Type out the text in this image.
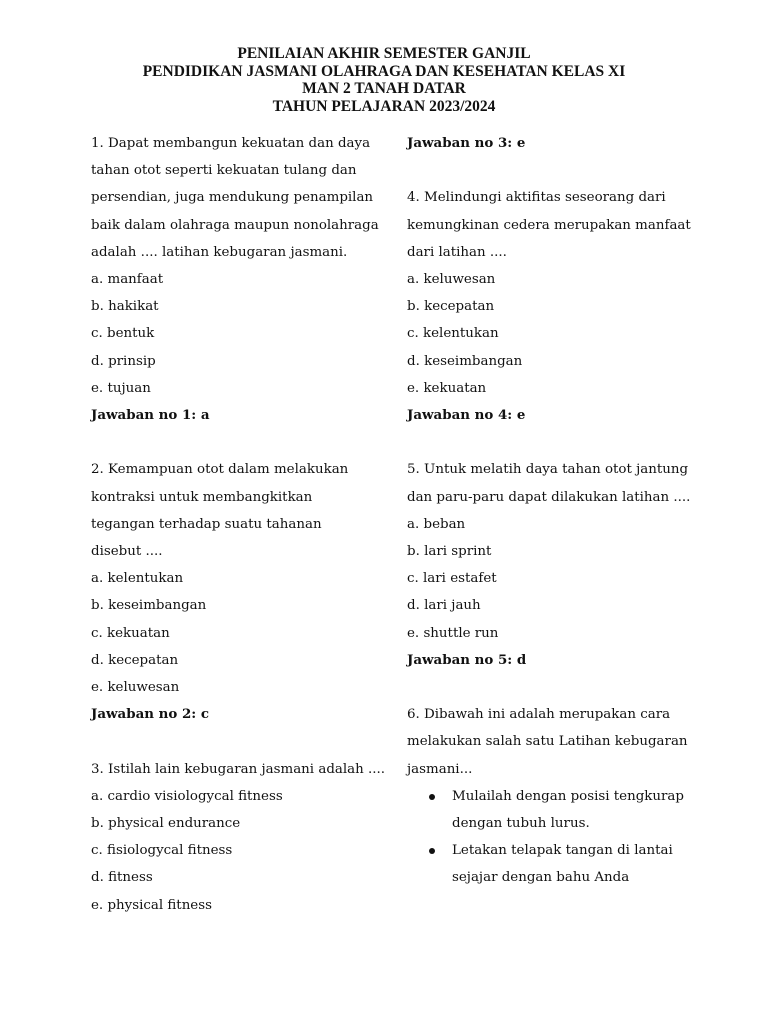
PENILAIAN AKHIR SEMESTER GANJIL
PENDIDIKAN JASMANI OLAHRAGA DAN KESEHATAN KELAS XI
MAN 2 TANAH DATAR
TAHUN PELAJARAN 2023/2024
1. Dapat membangun kekuatan dan daya
tahan otot seperti kekuatan tulang dan
persendian, juga mendukung penampilan
baik dalam olahraga maupun nonolahraga
adalah .... latihan kebugaran jasmani.
a. manfaat
b. hakikat
c. bentuk
d. prinsip
e. tujuan
Jawaban no 1: a
2. Kemampuan otot dalam melakukan
kontraksi untuk membangkitkan
tegangan terhadap suatu tahanan
disebut ....
a. kelentukan
b. keseimbangan
c. kekuatan
d. kecepatan
e. keluwesan
Jawaban no 2: c
3. Istilah lain kebugaran jasmani adalah ....
a. cardio visiologycal fitness
b. physical endurance
c. fisiologycal fitness
d. fitness
e. physical fitness
Jawaban no 3: e
4. Melindungi aktifitas seseorang dari
kemungkinan cedera merupakan manfaat
dari latihan ....
a. keluwesan
b. kecepatan
c. kelentukan
d. keseimbangan
e. kekuatan
Jawaban no 4: e
5. Untuk melatih daya tahan otot jantung
dan paru-paru dapat dilakukan latihan ....
a. beban
b. lari sprint
c. lari estafet
d. lari jauh
e. shuttle run
Jawaban no 5: d
6. Dibawah ini adalah merupakan cara
melakukan salah satu Latihan kebugaran
jasmani...
Mulailah dengan posisi tengkurap
dengan tubuh lurus.
Letakan telapak tangan di lantai
sejajar dengan bahu Anda
